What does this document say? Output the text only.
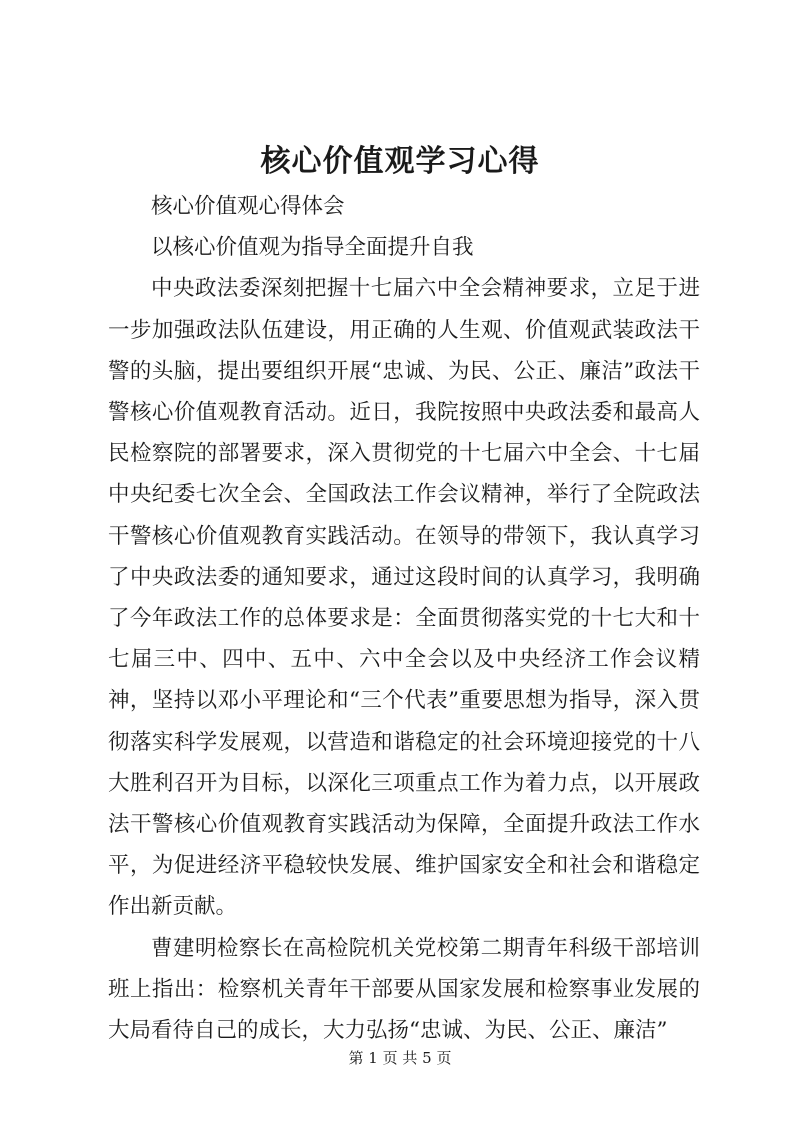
核心价值观学习心得

核心价值观心得体会

以核心价值观为指导全面提升自我

中央政法委深刻把握十七届六中全会精神要求，立足于进一步加强政法队伍建设，用正确的人生观、价值观武装政法干警的头脑，提出要组织开展“忠诚、为民、公正、廉洁”政法干警核心价值观教育活动。近日，我院按照中央政法委和最高人民检察院的部署要求，深入贯彻党的十七届六中全会、十七届中央纪委七次全会、全国政法工作会议精神，举行了全院政法干警核心价值观教育实践活动。在领导的带领下，我认真学习了中央政法委的通知要求，通过这段时间的认真学习，我明确了今年政法工作的总体要求是：全面贯彻落实党的十七大和十七届三中、四中、五中、六中全会以及中央经济工作会议精神，坚持以邓小平理论和“三个代表”重要思想为指导，深入贯彻落实科学发展观，以营造和谐稳定的社会环境迎接党的十八大胜利召开为目标，以深化三项重点工作为着力点，以开展政法干警核心价值观教育实践活动为保障，全面提升政法工作水平，为促进经济平稳较快发展、维护国家安全和社会和谐稳定作出新贡献。

曹建明检察长在高检院机关党校第二期青年科级干部培训班上指出：检察机关青年干部要从国家发展和检察事业发展的大局看待自己的成长，大力弘扬“忠诚、为民、公正、廉洁”

第 1 页 共 5 页
